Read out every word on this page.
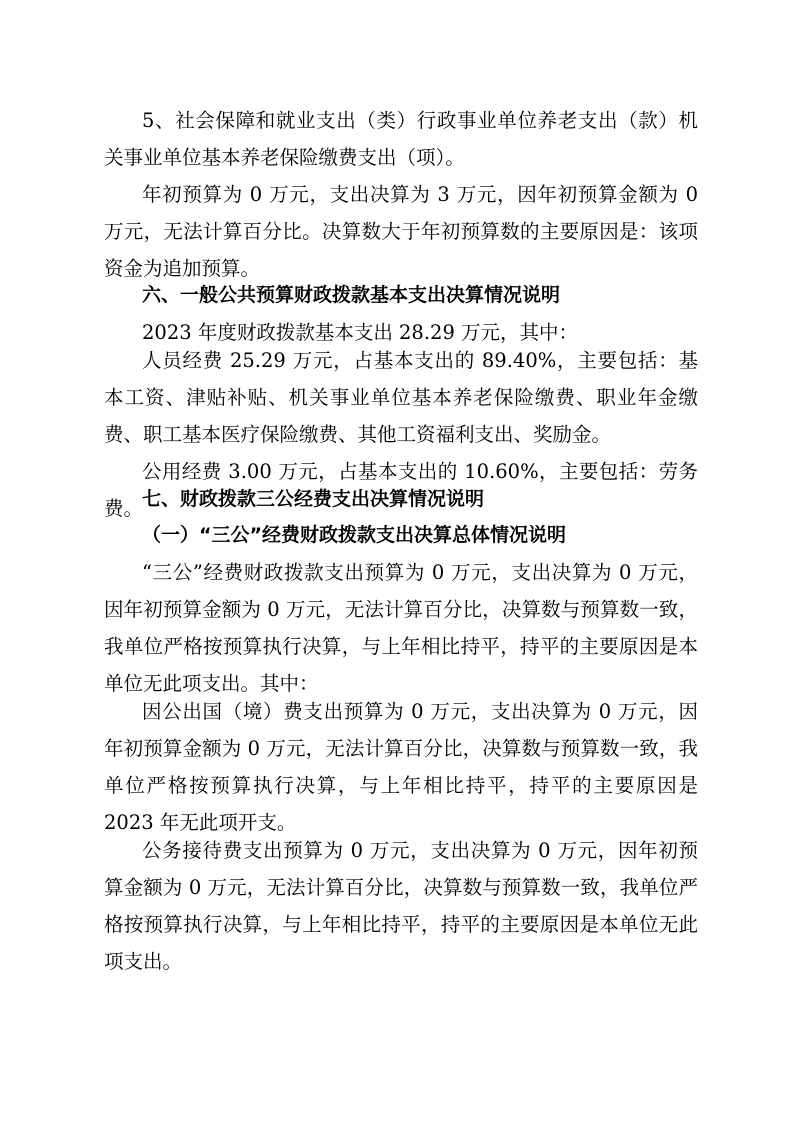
5、社会保障和就业支出（类）行政事业单位养老支出（款）机关事业单位基本养老保险缴费支出（项）。

年初预算为 0 万元，支出决算为 3 万元，因年初预算金额为 0 万元，无法计算百分比。决算数大于年初预算数的主要原因是：该项资金为追加预算。

六、一般公共预算财政拨款基本支出决算情况说明

2023 年度财政拨款基本支出 28.29 万元，其中：

人员经费 25.29 万元，占基本支出的 89.40%，主要包括：基本工资、津贴补贴、机关事业单位基本养老保险缴费、职业年金缴费、职工基本医疗保险缴费、其他工资福利支出、奖励金。

公用经费 3.00 万元，占基本支出的 10.60%，主要包括：劳务费。

七、财政拨款三公经费支出决算情况说明

（一）“三公”经费财政拨款支出决算总体情况说明

“三公”经费财政拨款支出预算为 0 万元，支出决算为 0 万元，因年初预算金额为 0 万元，无法计算百分比，决算数与预算数一致，我单位严格按预算执行决算，与上年相比持平，持平的主要原因是本单位无此项支出。其中：

因公出国（境）费支出预算为 0 万元，支出决算为 0 万元，因年初预算金额为 0 万元，无法计算百分比，决算数与预算数一致，我单位严格按预算执行决算，与上年相比持平，持平的主要原因是 2023 年无此项开支。

公务接待费支出预算为 0 万元，支出决算为 0 万元，因年初预算金额为 0 万元，无法计算百分比，决算数与预算数一致，我单位严格按预算执行决算，与上年相比持平，持平的主要原因是本单位无此项支出。
